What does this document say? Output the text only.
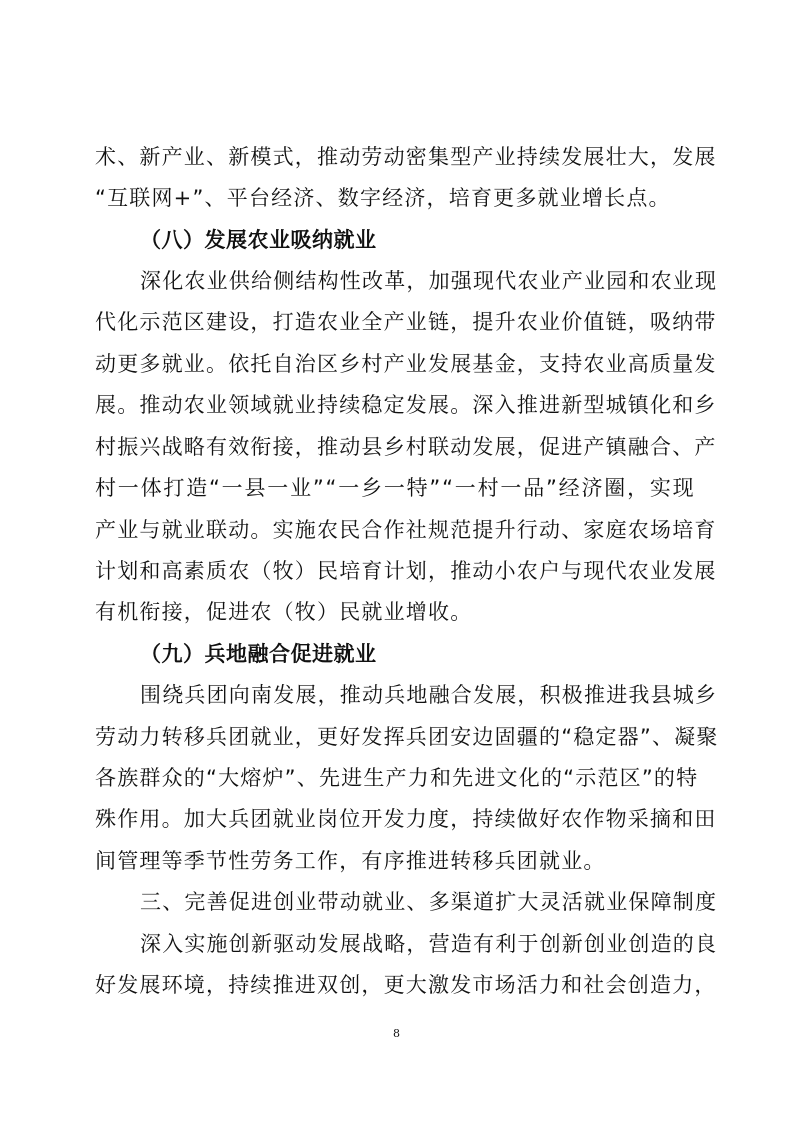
术、新产业、新模式，推动劳动密集型产业持续发展壮大，发展
“互联网+”、平台经济、数字经济，培育更多就业增长点。
（八）发展农业吸纳就业
深化农业供给侧结构性改革，加强现代农业产业园和农业现
代化示范区建设，打造农业全产业链，提升农业价值链，吸纳带
动更多就业。依托自治区乡村产业发展基金，支持农业高质量发
展。推动农业领域就业持续稳定发展。深入推进新型城镇化和乡
村振兴战略有效衔接，推动县乡村联动发展，促进产镇融合、产
村一体打造“一县一业”“一乡一特”“一村一品”经济圈，实现
产业与就业联动。实施农民合作社规范提升行动、家庭农场培育
计划和高素质农（牧）民培育计划，推动小农户与现代农业发展
有机衔接，促进农（牧）民就业增收。
（九）兵地融合促进就业
围绕兵团向南发展，推动兵地融合发展，积极推进我县城乡
劳动力转移兵团就业，更好发挥兵团安边固疆的“稳定器”、凝聚
各族群众的“大熔炉”、先进生产力和先进文化的“示范区”的特
殊作用。加大兵团就业岗位开发力度，持续做好农作物采摘和田
间管理等季节性劳务工作，有序推进转移兵团就业。
三、完善促进创业带动就业、多渠道扩大灵活就业保障制度
深入实施创新驱动发展战略，营造有利于创新创业创造的良
好发展环境，持续推进双创，更大激发市场活力和社会创造力，
8
